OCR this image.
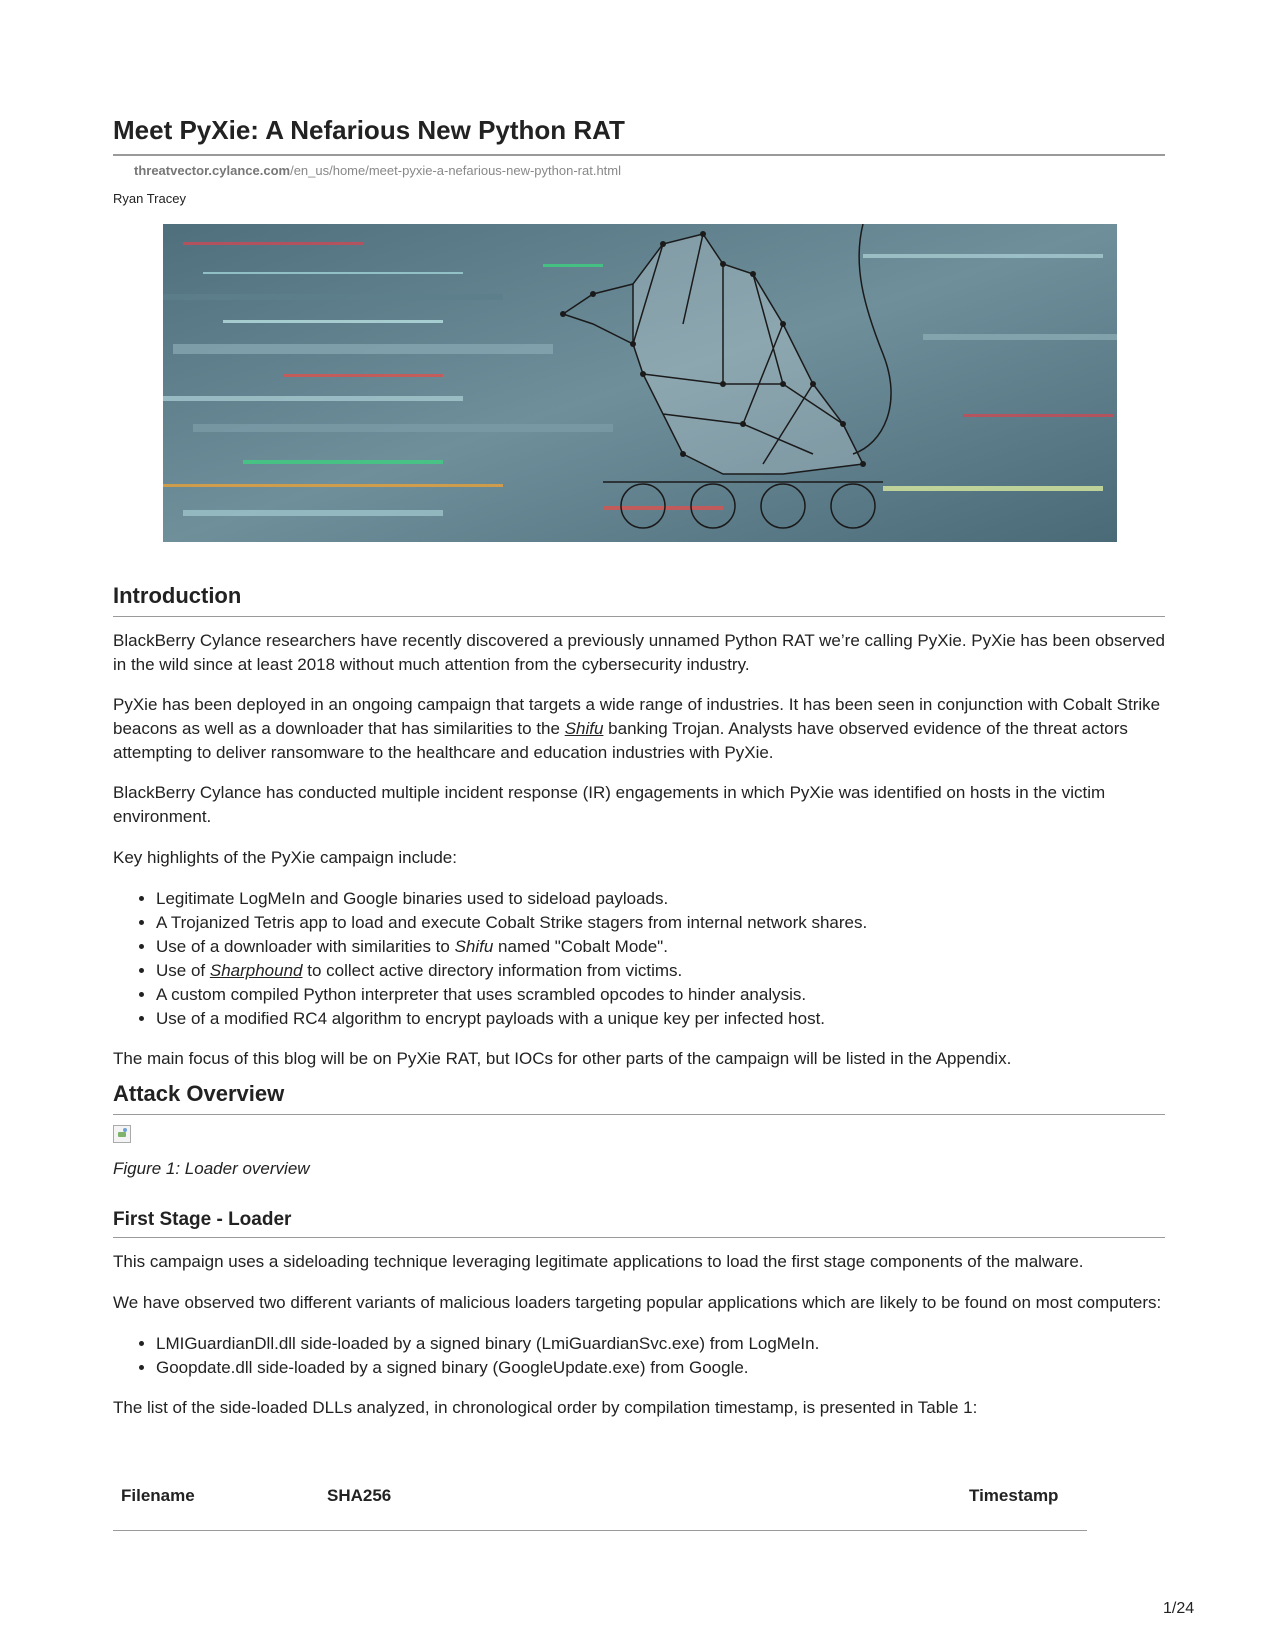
Meet PyXie: A Nefarious New Python RAT
threatvector.cylance.com/en_us/home/meet-pyxie-a-nefarious-new-python-rat.html
Ryan Tracey
Introduction

BlackBerry Cylance researchers have recently discovered a previously unnamed Python RAT we’re calling PyXie. PyXie has been observed in the wild since at least 2018 without much attention from the cybersecurity industry.

PyXie has been deployed in an ongoing campaign that targets a wide range of industries. It has been seen in conjunction with Cobalt Strike beacons as well as a downloader that has similarities to the Shifu banking Trojan. Analysts have observed evidence of the threat actors attempting to deliver ransomware to the healthcare and education industries with PyXie.

BlackBerry Cylance has conducted multiple incident response (IR) engagements in which PyXie was identified on hosts in the victim environment.

Key highlights of the PyXie campaign include:

• Legitimate LogMeIn and Google binaries used to sideload payloads.
• A Trojanized Tetris app to load and execute Cobalt Strike stagers from internal network shares.
• Use of a downloader with similarities to Shifu named "Cobalt Mode".
• Use of Sharphound to collect active directory information from victims.
• A custom compiled Python interpreter that uses scrambled opcodes to hinder analysis.
• Use of a modified RC4 algorithm to encrypt payloads with a unique key per infected host.

The main focus of this blog will be on PyXie RAT, but IOCs for other parts of the campaign will be listed in the Appendix.

Attack Overview

Figure 1: Loader overview

First Stage - Loader

This campaign uses a sideloading technique leveraging legitimate applications to load the first stage components of the malware.

We have observed two different variants of malicious loaders targeting popular applications which are likely to be found on most computers:

• LMIGuardianDll.dll side-loaded by a signed binary (LmiGuardianSvc.exe) from LogMeIn.
• Goopdate.dll side-loaded by a signed binary (GoogleUpdate.exe) from Google.

The list of the side-loaded DLLs analyzed, in chronological order by compilation timestamp, is presented in Table 1:

Filename	SHA256	Timestamp
1/24
